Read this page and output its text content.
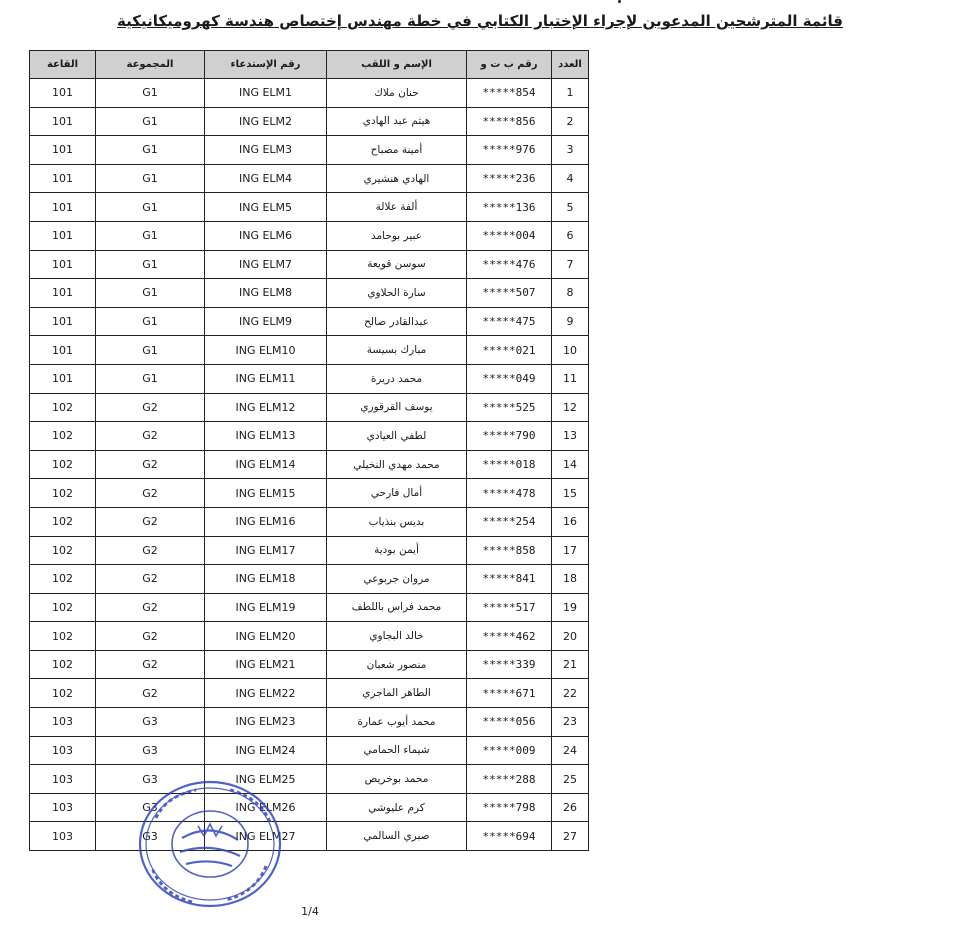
قائمة المترشحين المدعوين لإجراء الإختبار الكتابي في خطة مهندس إختصاص هندسة كهروميكانيكية
العدد	رقم ب ت و	الإسم و اللقب	رقم الإستدعاء	المجموعة	القاعة
1	*****854	حنان ملاك	ING ELM1	G1	101
2	*****856	هيثم عبد الهادي	ING ELM2	G1	101
3	*****976	أمينة مصباح	ING ELM3	G1	101
4	*****236	الهادي هنشيري	ING ELM4	G1	101
5	*****136	ألفة علالة	ING ELM5	G1	101
6	*****004	عبير بوحامد	ING ELM6	G1	101
7	*****476	سوسن قويعة	ING ELM7	G1	101
8	*****507	سارة الحلاوي	ING ELM8	G1	101
9	*****475	عبدالقادر صالح	ING ELM9	G1	101
10	*****021	مبارك بسيسة	ING ELM10	G1	101
11	*****049	محمد دريرة	ING ELM11	G1	101
12	*****525	يوسف القرقوري	ING ELM12	G2	102
13	*****790	لطفي العيادي	ING ELM13	G2	102
14	*****018	محمد مهدي النخيلي	ING ELM14	G2	102
15	*****478	أمال فارحي	ING ELM15	G2	102
16	*****254	بديس بنذياب	ING ELM16	G2	102
17	*****858	أيمن بودية	ING ELM17	G2	102
18	*****841	مروان جربوعي	ING ELM18	G2	102
19	*****517	محمد فراس باللطف	ING ELM19	G2	102
20	*****462	خالد البجاوي	ING ELM20	G2	102
21	*****339	منصور شعبان	ING ELM21	G2	102
22	*****671	الطاهر الماجري	ING ELM22	G2	102
23	*****056	محمد أيوب عمارة	ING ELM23	G3	103
24	*****009	شيماء الحمامي	ING ELM24	G3	103
25	*****288	محمد بوخريص	ING ELM25	G3	103
26	*****798	كرم عليوشي	ING ELM26	G3	103
27	*****694	صبري السالمي	ING ELM27	G3	103
1/4
